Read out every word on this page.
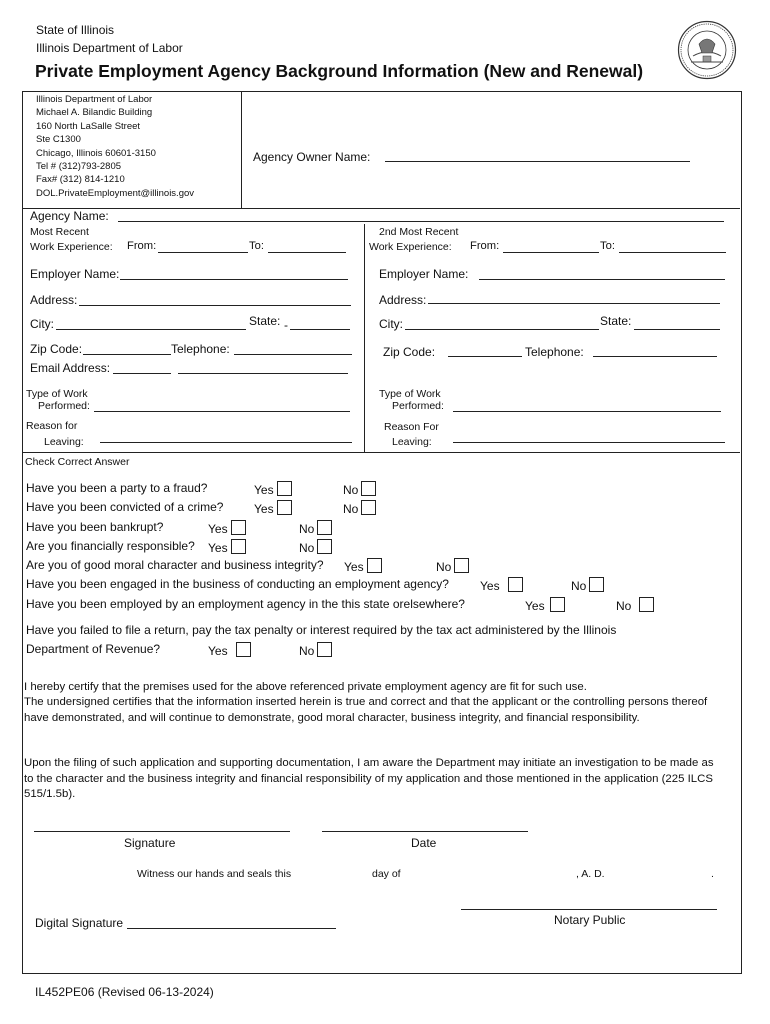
State of Illinois
Illinois Department of Labor
Private Employment Agency Background Information (New and Renewal)
Illinois Department of Labor
Michael A. Bilandic Building
160 North LaSalle Street
Ste C1300
Chicago, Illinois 60601-3150
Tel # (312)793-2805
Fax# (312) 814-1210
DOL.PrivateEmployment@illinois.gov
Agency Owner Name:
Agency Name:
Most Recent
Work Experience: From:	To:
Employer Name:
Address:
City:	State: -
Zip Code:	Telephone:
Email Address:
Type of Work
Performed:
Reason for
Leaving:
2nd Most Recent
Work Experience: From:	To:
Employer Name:
Address:
City:	State:
Zip Code:	Telephone:
Type of Work
Performed:
Reason For
Leaving:
Check Correct Answer
Have you been a party to a fraud?	Yes	No
Have you been convicted of a crime?	Yes	No
Have you been bankrupt?	Yes	No
Are you financially responsible? Yes	No
Are you of good moral character and business integrity? Yes	No
Have you been engaged in the business of conducting an employment agency?	Yes	No
Have you been employed by an employment agency in the this state orelsewhere?	Yes	No
Have you failed to file a return, pay the tax penalty or interest required by the tax act administered by the Illinois
Department of Revenue?	Yes	No
I hereby certify that the premises used for the above referenced private employment agency are fit for such use.
The undersigned certifies that the information inserted herein is true and correct and that the applicant or the controlling persons thereof have demonstrated, and will continue to demonstrate, good moral character, business integrity, and financial responsibility.
Upon the filing of such application and supporting documentation, I am aware the Department may initiate an investigation to be made as to the character and the business integrity and financial responsibility of my application and those mentioned in the application (225 ILCS 515/1.5b).
Signature	Date
Witness our hands and seals this	day of	, A. D.	.
Notary Public
Digital Signature
IL452PE06 (Revised 06-13-2024)
